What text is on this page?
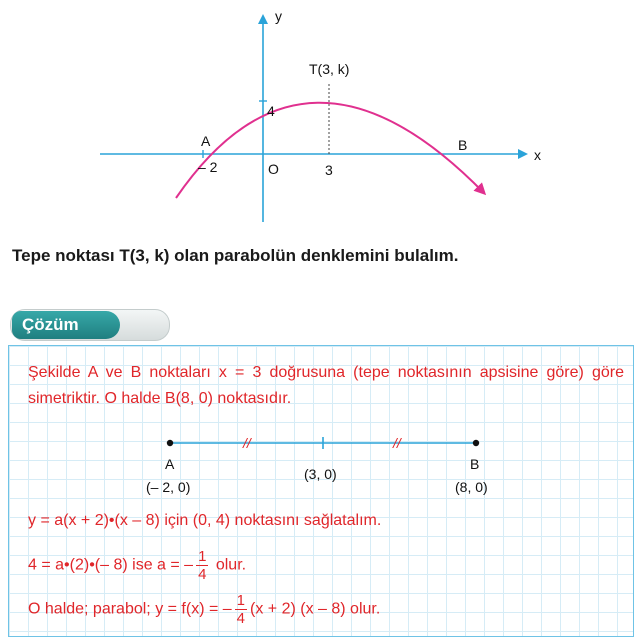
y
x
T(3, k)
A	B
– 2	O	3
4

Tepe noktası T(3, k) olan parabolün denklemini bulalım.

Çözüm

Şekilde A ve B noktaları x = 3 doğrusuna (tepe noktasının apsisine göre) göre simetriktir. O halde B(8, 0) noktasıdır.

//	//
A
(– 2, 0)
(3, 0)
B
(8, 0)

y = a(x + 2)•(x – 8) için (0, 4) noktasını sağlatalım.

4 = a•(2)•(– 8) ise a = – $\frac{1}{4}$ olur.

O halde; parabol; y = f(x) = – $\frac{1}{4} (x + 2)$ (x – 8) olur.
